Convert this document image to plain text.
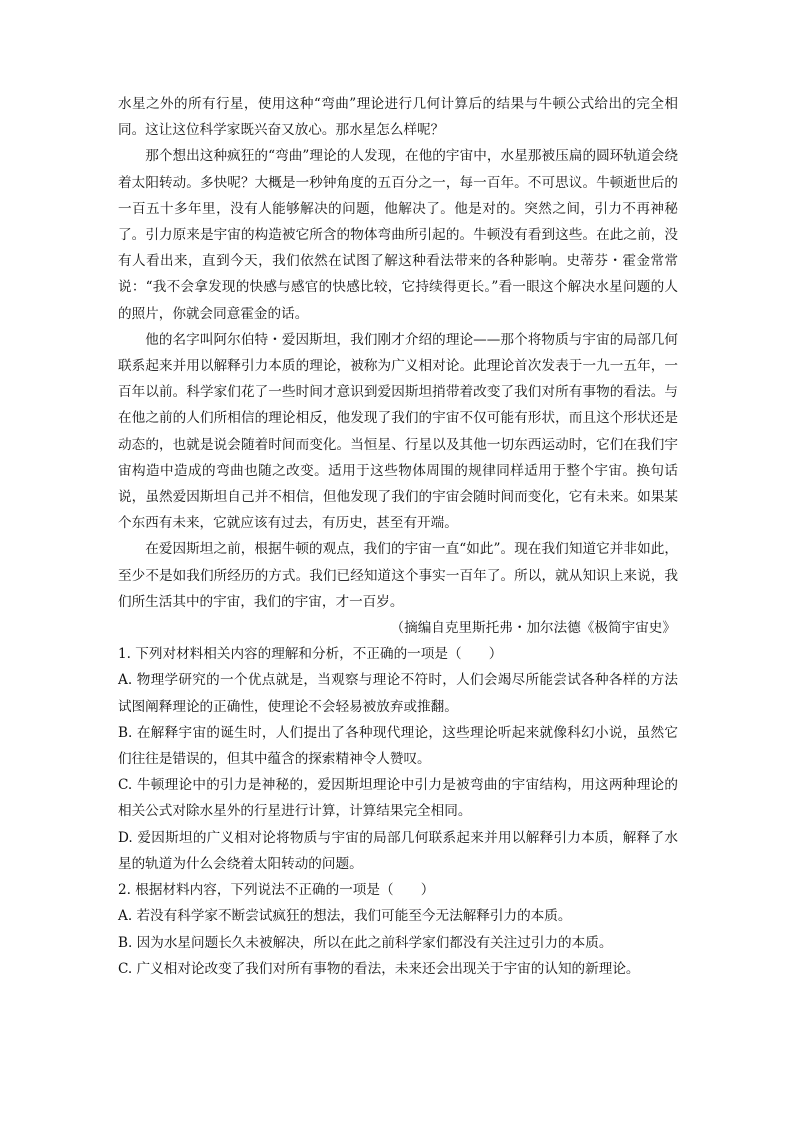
水星之外的所有行星，使用这种“弯曲”理论进行几何计算后的结果与牛顿公式给出的完全相同。这让这位科学家既兴奋又放心。那水星怎么样呢？

那个想出这种疯狂的“弯曲”理论的人发现，在他的宇宙中，水星那被压扁的圆环轨道会绕着太阳转动。多快呢？大概是一秒钟角度的五百分之一，每一百年。不可思议。牛顿逝世后的一百五十多年里，没有人能够解决的问题，他解决了。他是对的。突然之间，引力不再神秘了。引力原来是宇宙的构造被它所含的物体弯曲所引起的。牛顿没有看到这些。在此之前，没有人看出来，直到今天，我们依然在试图了解这种看法带来的各种影响。史蒂芬・霍金常常说：“我不会拿发现的快感与感官的快感比较，它持续得更长。”看一眼这个解决水星问题的人的照片，你就会同意霍金的话。

他的名字叫阿尔伯特・爱因斯坦，我们刚才介绍的理论——那个将物质与宇宙的局部几何联系起来并用以解释引力本质的理论，被称为广义相对论。此理论首次发表于一九一五年，一百年以前。科学家们花了一些时间才意识到爱因斯坦捎带着改变了我们对所有事物的看法。与在他之前的人们所相信的理论相反，他发现了我们的宇宙不仅可能有形状，而且这个形状还是动态的，也就是说会随着时间而变化。当恒星、行星以及其他一切东西运动时，它们在我们宇宙构造中造成的弯曲也随之改变。适用于这些物体周围的规律同样适用于整个宇宙。换句话说，虽然爱因斯坦自己并不相信，但他发现了我们的宇宙会随时间而变化，它有未来。如果某个东西有未来，它就应该有过去，有历史，甚至有开端。

在爱因斯坦之前，根据牛顿的观点，我们的宇宙一直“如此”。现在我们知道它并非如此，至少不是如我们所经历的方式。我们已经知道这个事实一百年了。所以，就从知识上来说，我们所生活其中的宇宙，我们的宇宙，才一百岁。

（摘编自克里斯托弗・加尔法德《极简宇宙史》

1. 下列对材料相关内容的理解和分析，不正确的一项是（　　）

A. 物理学研究的一个优点就是，当观察与理论不符时，人们会竭尽所能尝试各种各样的方法试图阐释理论的正确性，使理论不会轻易被放弃或推翻。

B. 在解释宇宙的诞生时，人们提出了各种现代理论，这些理论听起来就像科幻小说，虽然它们往往是错误的，但其中蕴含的探索精神令人赞叹。

C. 牛顿理论中的引力是神秘的，爱因斯坦理论中引力是被弯曲的宇宙结构，用这两种理论的相关公式对除水星外的行星进行计算，计算结果完全相同。

D. 爱因斯坦的广义相对论将物质与宇宙的局部几何联系起来并用以解释引力本质，解释了水星的轨道为什么会绕着太阳转动的问题。

2. 根据材料内容，下列说法不正确的一项是（　　）

A. 若没有科学家不断尝试疯狂的想法，我们可能至今无法解释引力的本质。

B. 因为水星问题长久未被解决，所以在此之前科学家们都没有关注过引力的本质。

C. 广义相对论改变了我们对所有事物的看法，未来还会出现关于宇宙的认知的新理论。
